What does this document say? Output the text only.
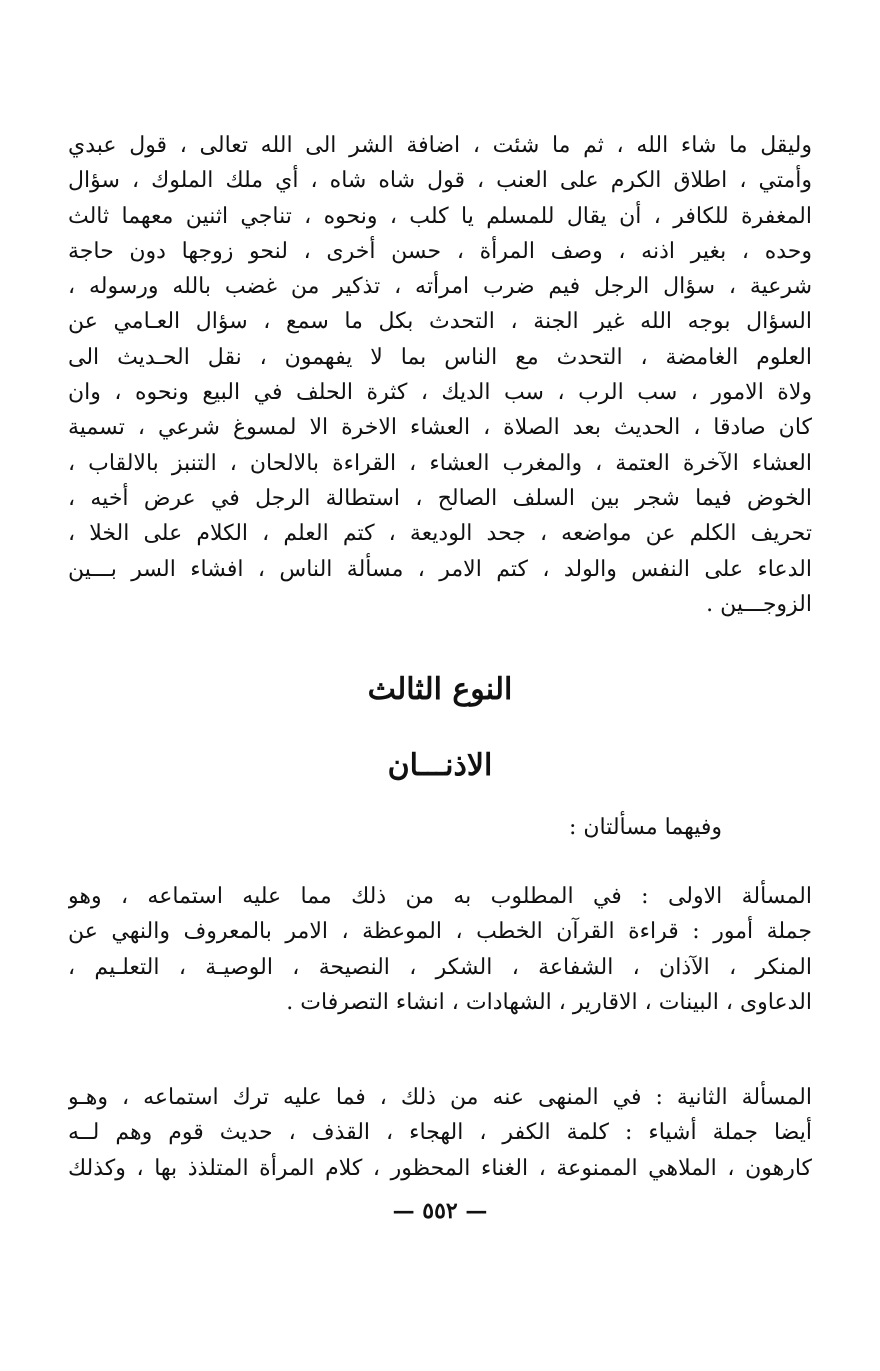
ولیقل ما شاء الله ، ثم ما شئت ، اضافة الشر الى الله تعالى ، قول عبدي
وأمتي ، اطلاق الكرم على العنب ، قول شاه شاه ، أي ملك الملوك ، سؤال
المغفرة للكافر ، أن يقال للمسلم يا كلب ، ونحوه ، تناجي اثنين معهما ثالث
وحده ، بغير اذنه ، وصف المرأة ، حسن أخرى ، لنحو زوجها دون حاجة
شرعية ، سؤال الرجل فيم ضرب امرأته ، تذكير من غضب بالله ورسوله ،
السؤال بوجه الله غير الجنة ، التحدث بكل ما سمع ، سؤال العـامي عن
العلوم الغامضة ، التحدث مع الناس بما لا يفهمون ، نقل الحـديث الى
ولاة الامور ، سب الرب ، سب الديك ، كثرة الحلف في البيع ونحوه ، وان
كان صادقا ، الحديث بعد الصلاة ، العشاء الاخرة الا لمسوغ شرعي ، تسمية
العشاء الآخرة العتمة ، والمغرب العشاء ، القراءة بالالحان ، التنبز بالالقاب ،
الخوض فيما شجر بين السلف الصالح ، استطالة الرجل في عرض أخيه ،
تحريف الكلم عن مواضعه ، جحد الوديعة ، كتم العلم ، الكلام على الخلا ،
الدعاء على النفس والولد ، كتم الامر ، مسألة الناس ، افشاء السر بـــين
الزوجـــين .
النوع الثالث
الاذنـــان
وفيهما مسألتان :
المسألة الاولى : في المطلوب به من ذلك مما عليه استماعه ، وهو
جملة أمور : قراءة القرآن الخطب ، الموعظة ، الامر بالمعروف والنهي عن
المنكر ، الآذان ، الشفاعة ، الشكر ، النصيحة ، الوصيـة ، التعلـيم ،
الدعاوى ، البينات ، الاقارير ، الشهادات ، انشاء التصرفات .
المسألة الثانية : في المنهى عنه من ذلك ، فما عليه ترك استماعه ، وهـو
أيضا جملة أشياء : كلمة الكفر ، الهجاء ، القذف ، حديث قوم وهم لــه
كارهون ، الملاهي الممنوعة ، الغناء المحظور ، كلام المرأة المتلذذ بها ، وكذلك
— ٥٥٢ —
